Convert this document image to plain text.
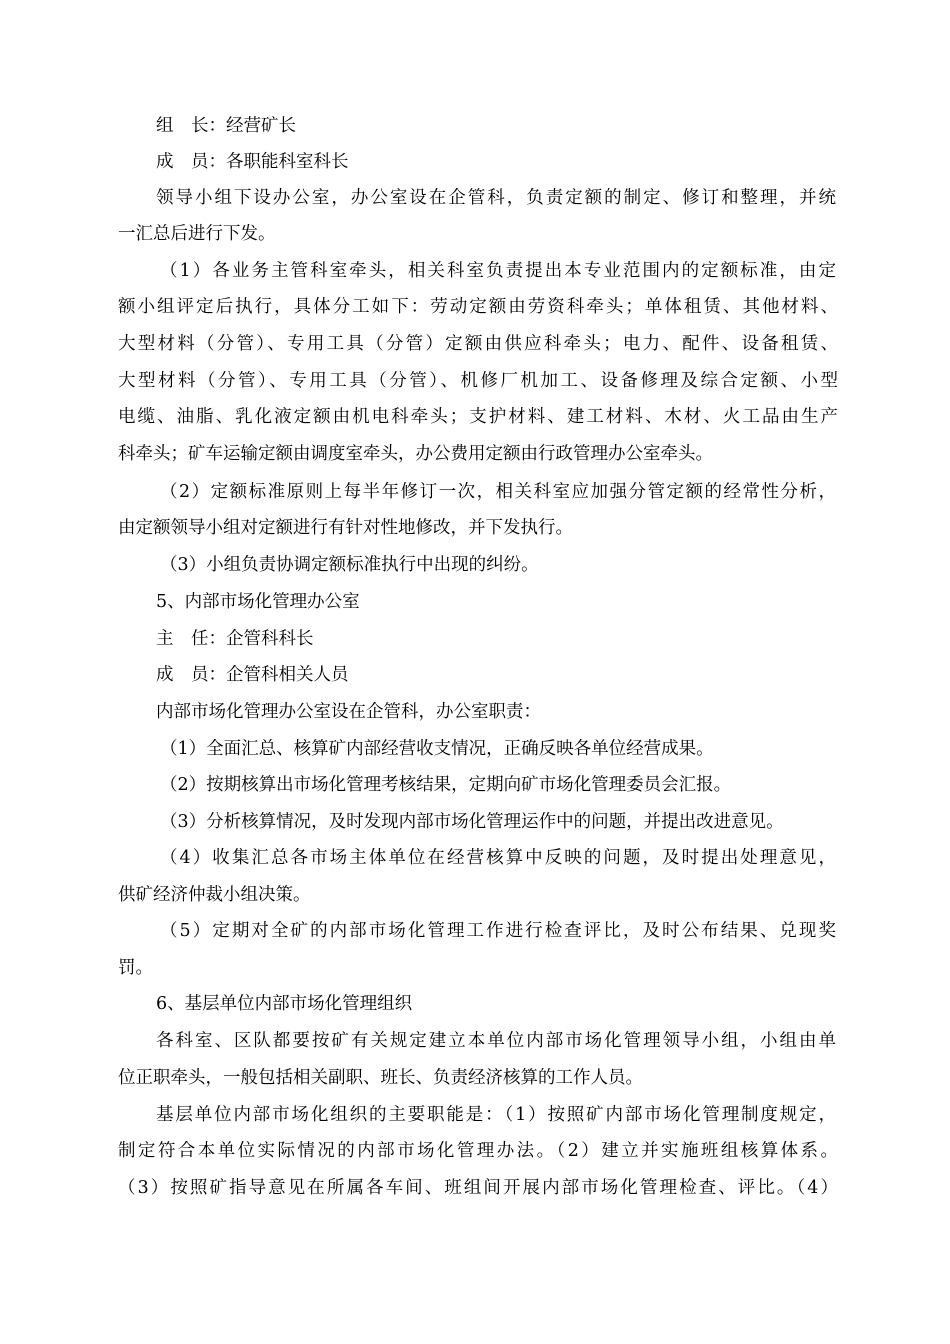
组　长：经营矿长
成　员：各职能科室科长
领导小组下设办公室，办公室设在企管科，负责定额的制定、修订和整理，并统
一汇总后进行下发。
（1）各业务主管科室牵头，相关科室负责提出本专业范围内的定额标准，由定
额小组评定后执行，具体分工如下：劳动定额由劳资科牵头；单体租赁、其他材料、
大型材料（分管）、专用工具（分管）定额由供应科牵头；电力、配件、设备租赁、
大型材料（分管）、专用工具（分管）、机修厂机加工、设备修理及综合定额、小型
电缆、油脂、乳化液定额由机电科牵头；支护材料、建工材料、木材、火工品由生产
科牵头；矿车运输定额由调度室牵头，办公费用定额由行政管理办公室牵头。
（2）定额标准原则上每半年修订一次，相关科室应加强分管定额的经常性分析，
由定额领导小组对定额进行有针对性地修改，并下发执行。
（3）小组负责协调定额标准执行中出现的纠纷。
5、内部市场化管理办公室
主　任：企管科科长
成　员：企管科相关人员
内部市场化管理办公室设在企管科，办公室职责：
（1）全面汇总、核算矿内部经营收支情况，正确反映各单位经营成果。
（2）按期核算出市场化管理考核结果，定期向矿市场化管理委员会汇报。
（3）分析核算情况，及时发现内部市场化管理运作中的问题，并提出改进意见。
（4）收集汇总各市场主体单位在经营核算中反映的问题，及时提出处理意见，
供矿经济仲裁小组决策。
（5）定期对全矿的内部市场化管理工作进行检查评比，及时公布结果、兑现奖
罚。
6、基层单位内部市场化管理组织
各科室、区队都要按矿有关规定建立本单位内部市场化管理领导小组，小组由单
位正职牵头，一般包括相关副职、班长、负责经济核算的工作人员。
基层单位内部市场化组织的主要职能是：（1）按照矿内部市场化管理制度规定，
制定符合本单位实际情况的内部市场化管理办法。（2）建立并实施班组核算体系。
（3）按照矿指导意见在所属各车间、班组间开展内部市场化管理检查、评比。（4）
